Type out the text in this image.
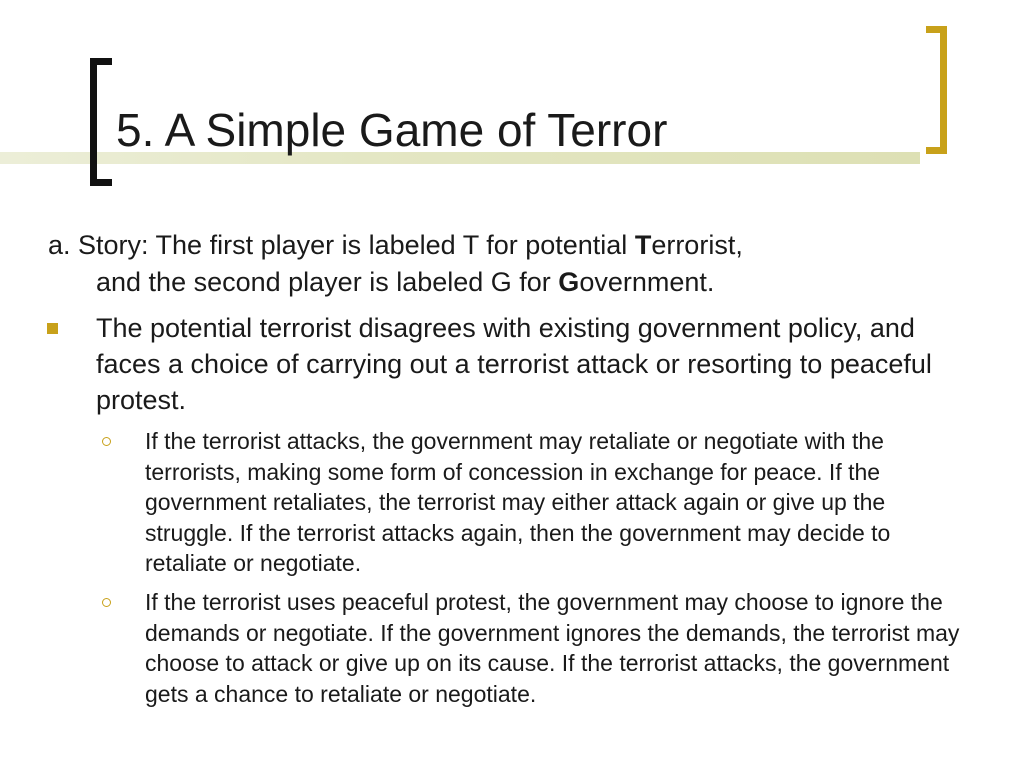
5. A Simple Game of Terror
a. Story: The first player is labeled T for potential Terrorist,
and the second player is labeled G for Government.
The potential terrorist disagrees with existing government policy, and faces a choice of carrying out a terrorist attack or resorting to peaceful protest.
If the terrorist attacks, the government may retaliate or negotiate with the terrorists, making some form of concession in exchange for peace. If the government retaliates, the terrorist may either attack again or give up the struggle. If the terrorist attacks again, then the government may decide to retaliate or negotiate.
If the terrorist uses peaceful protest, the government may choose to ignore the demands or negotiate. If the government ignores the demands, the terrorist may choose to attack or give up on its cause. If the terrorist attacks, the government gets a chance to retaliate or negotiate.
